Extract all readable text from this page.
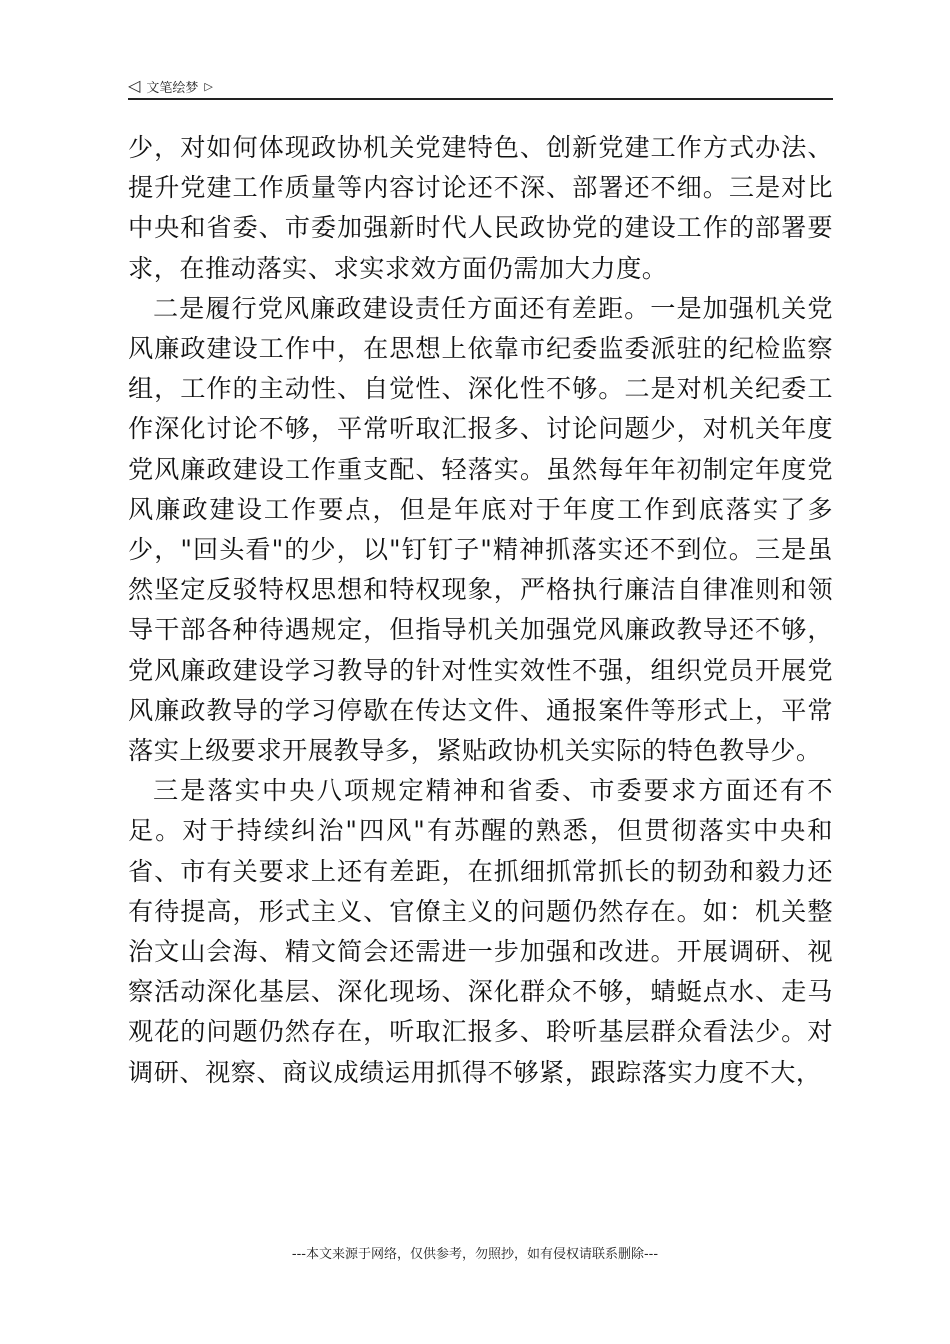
◁ 文笔绘梦 ▷

少，对如何体现政协机关党建特色、创新党建工作方式办法、提升党建工作质量等内容讨论还不深、部署还不细。三是对比中央和省委、市委加强新时代人民政协党的建设工作的部署要求，在推动落实、求实求效方面仍需加大力度。

二是履行党风廉政建设责任方面还有差距。一是加强机关党风廉政建设工作中，在思想上依靠市纪委监委派驻的纪检监察组，工作的主动性、自觉性、深化性不够。二是对机关纪委工作深化讨论不够，平常听取汇报多、讨论问题少，对机关年度党风廉政建设工作重支配、轻落实。虽然每年年初制定年度党风廉政建设工作要点，但是年底对于年度工作到底落实了多少，"回头看"的少，以"钉钉子"精神抓落实还不到位。三是虽然坚定反驳特权思想和特权现象，严格执行廉洁自律准则和领导干部各种待遇规定，但指导机关加强党风廉政教导还不够，党风廉政建设学习教导的针对性实效性不强，组织党员开展党风廉政教导的学习停歇在传达文件、通报案件等形式上，平常落实上级要求开展教导多，紧贴政协机关实际的特色教导少。

三是落实中央八项规定精神和省委、市委要求方面还有不足。对于持续纠治"四风"有苏醒的熟悉，但贯彻落实中央和省、市有关要求上还有差距，在抓细抓常抓长的韧劲和毅力还有待提高，形式主义、官僚主义的问题仍然存在。如：机关整治文山会海、精文简会还需进一步加强和改进。开展调研、视察活动深化基层、深化现场、深化群众不够，蜻蜓点水、走马观花的问题仍然存在，听取汇报多、聆听基层群众看法少。对调研、视察、商议成绩运用抓得不够紧，跟踪落实力度不大，

---本文来源于网络，仅供参考，勿照抄，如有侵权请联系删除---
